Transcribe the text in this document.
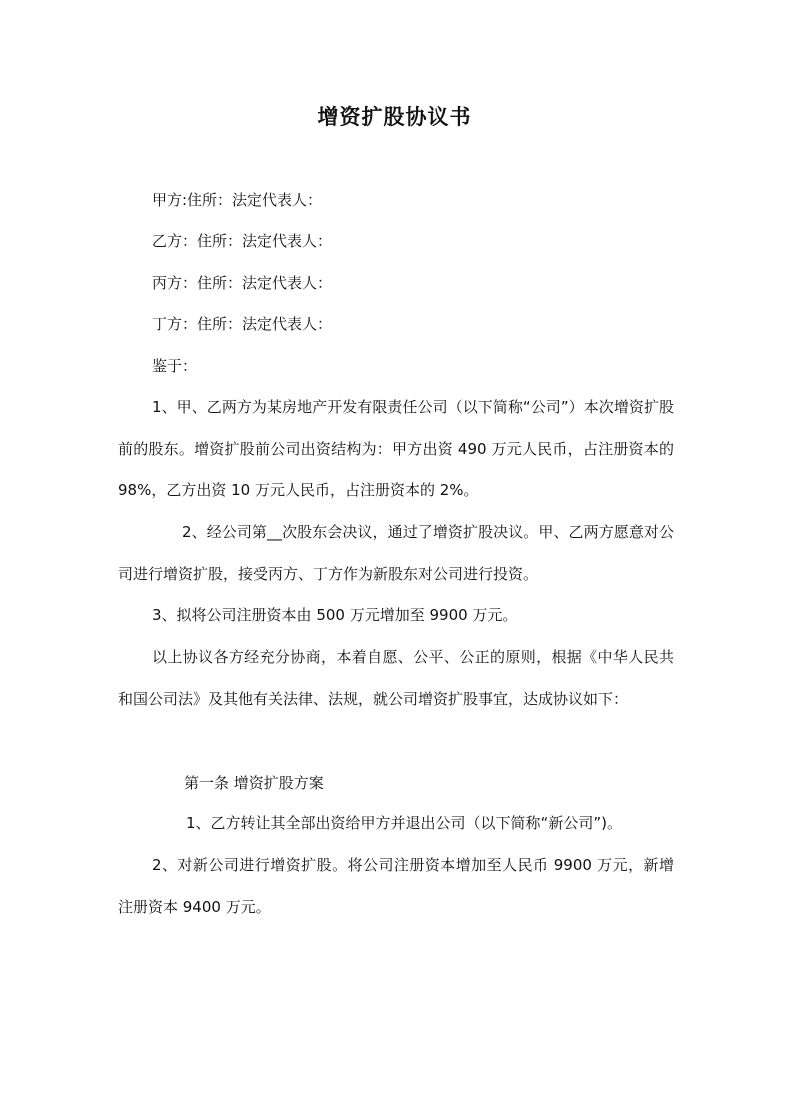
增资扩股协议书
甲方:住所：法定代表人：
乙方：住所：法定代表人：
丙方：住所：法定代表人：
丁方：住所：法定代表人：
鉴于：

1、甲、乙两方为某房地产开发有限责任公司（以下简称“公司”）本次增资扩股前的股东。增资扩股前公司出资结构为：甲方出资 490 万元人民币，占注册资本的 98%，乙方出资 10 万元人民币，占注册资本的 2%。

2、经公司第__次股东会决议，通过了增资扩股决议。甲、乙两方愿意对公司进行增资扩股，接受丙方、丁方作为新股东对公司进行投资。

3、拟将公司注册资本由 500 万元增加至 9900 万元。

以上协议各方经充分协商，本着自愿、公平、公正的原则，根据《中华人民共和国公司法》及其他有关法律、法规，就公司增资扩股事宜，达成协议如下：

第一条 增资扩股方案

1、乙方转让其全部出资给甲方并退出公司（以下简称“新公司”)。

2、对新公司进行增资扩股。将公司注册资本增加至人民币 9900 万元，新增注册资本 9400 万元。
